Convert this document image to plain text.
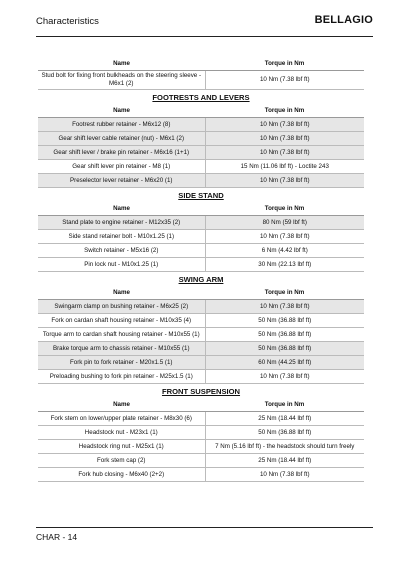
Characteristics	BELLAGIO
Name	Torque in Nm
Stud bolt for fixing front bulkheads on the steering sleeve - M6x1 (2)	10 Nm (7.38 lbf ft)
FOOTRESTS AND LEVERS
Name	Torque in Nm
Footrest rubber retainer - M6x12 (8)	10 Nm (7.38 lbf ft)
Gear shift lever cable retainer (nut) - M6x1 (2)	10 Nm (7.38 lbf ft)
Gear shift lever / brake pin retainer - M6x16 (1+1)	10 Nm (7.38 lbf ft)
Gear shift lever pin retainer - M8 (1)	15 Nm (11.06 lbf ft) - Loctite 243
Preselector lever retainer - M6x20 (1)	10 Nm (7.38 lbf ft)
SIDE STAND
Name	Torque in Nm
Stand plate to engine retainer - M12x35 (2)	80 Nm (59 lbf ft)
Side stand retainer bolt - M10x1.25 (1)	10 Nm (7.38 lbf ft)
Switch retainer - M5x16 (2)	6 Nm (4.42 lbf ft)
Pin lock nut - M10x1.25 (1)	30 Nm (22.13 lbf ft)
SWING ARM
Name	Torque in Nm
Swingarm clamp on bushing retainer - M6x25 (2)	10 Nm (7.38 lbf ft)
Fork on cardan shaft housing retainer - M10x35 (4)	50 Nm (36.88 lbf ft)
Torque arm to cardan shaft housing retainer - M10x55 (1)	50 Nm (36.88 lbf ft)
Brake torque arm to chassis retainer - M10x55 (1)	50 Nm (36.88 lbf ft)
Fork pin to fork retainer - M20x1.5 (1)	60 Nm (44.25 lbf ft)
Preloading bushing to fork pin retainer - M25x1.5 (1)	10 Nm (7.38 lbf ft)
FRONT SUSPENSION
Name	Torque in Nm
Fork stem on lower/upper plate retainer - M8x30 (6)	25 Nm (18.44 lbf ft)
Headstock nut - M23x1 (1)	50 Nm (36.88 lbf ft)
Headstock ring nut - M25x1 (1)	7 Nm (5.16 lbf ft) - the headstock should turn freely
Fork stem cap (2)	25 Nm (18.44 lbf ft)
Fork hub closing - M6x40 (2+2)	10 Nm (7.38 lbf ft)
CHAR - 14
